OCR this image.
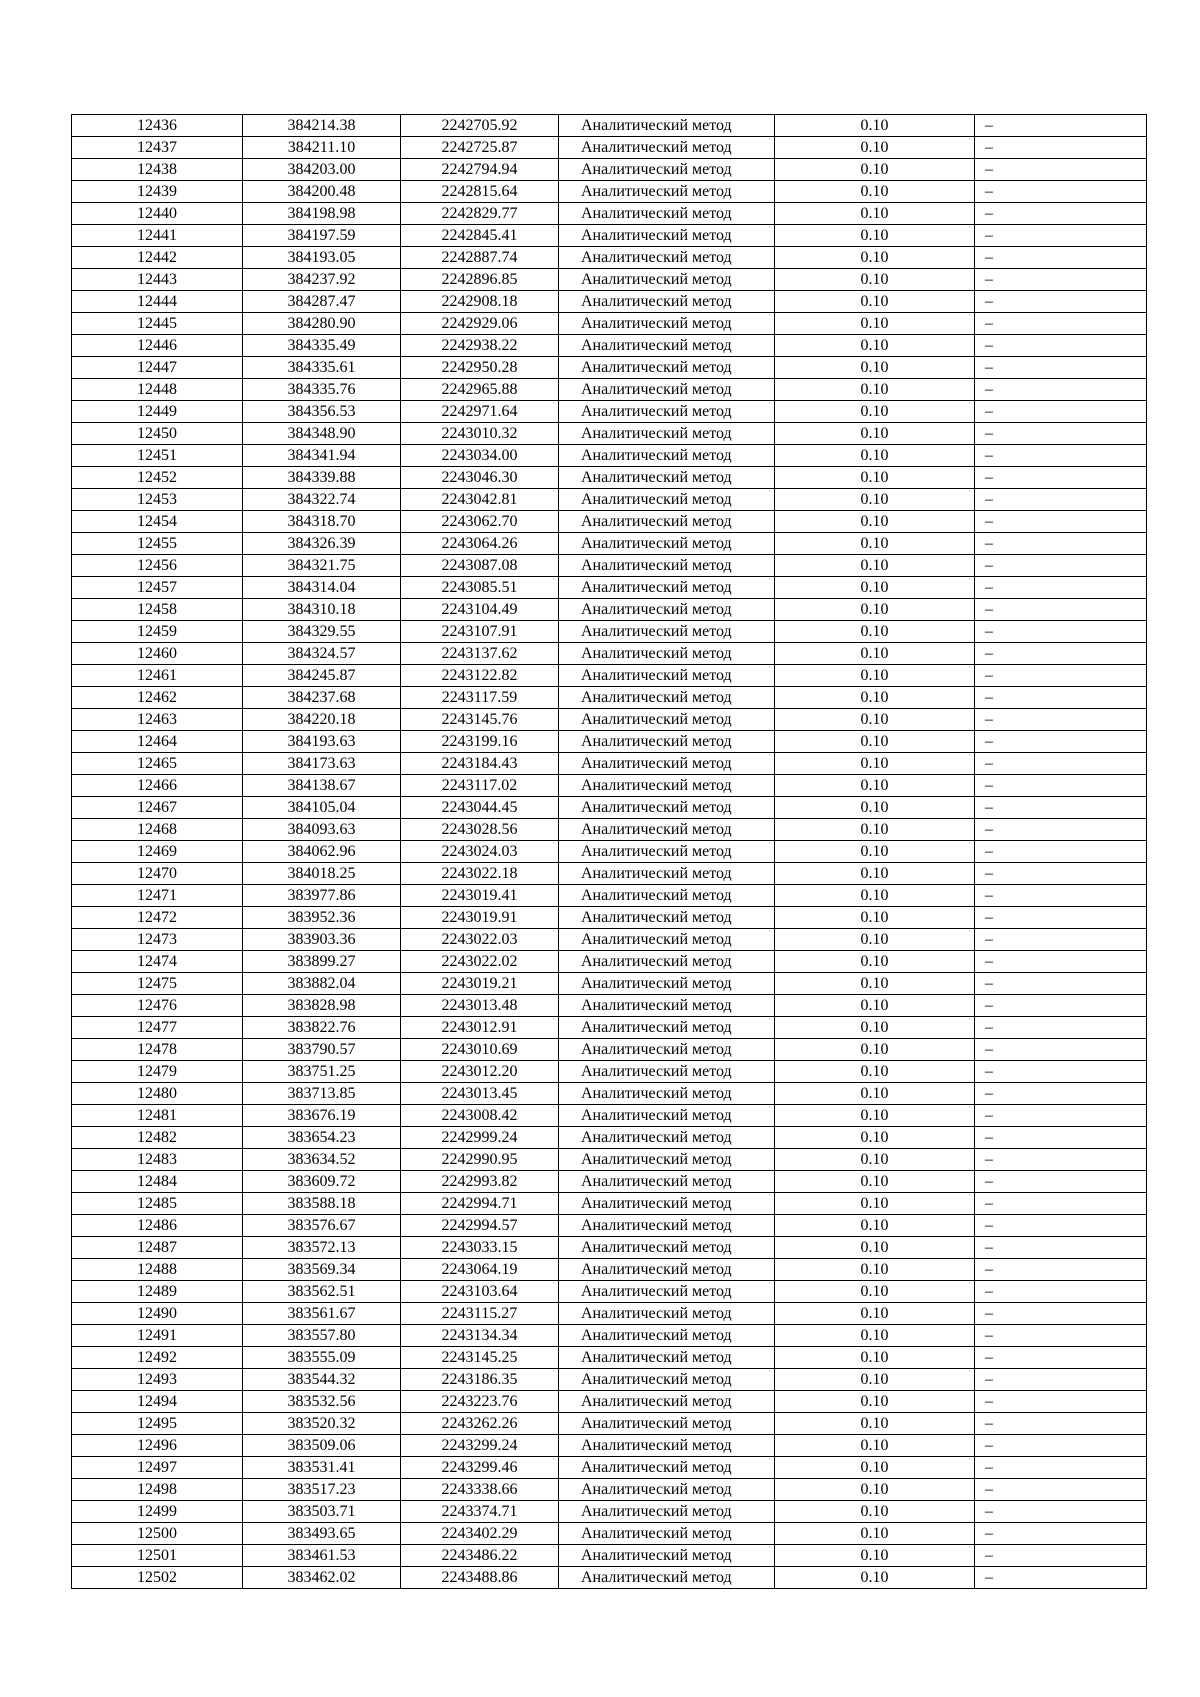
12436	384214.38	2242705.92	Аналитический метод	0.10	–
12437	384211.10	2242725.87	Аналитический метод	0.10	–
12438	384203.00	2242794.94	Аналитический метод	0.10	–
12439	384200.48	2242815.64	Аналитический метод	0.10	–
12440	384198.98	2242829.77	Аналитический метод	0.10	–
12441	384197.59	2242845.41	Аналитический метод	0.10	–
12442	384193.05	2242887.74	Аналитический метод	0.10	–
12443	384237.92	2242896.85	Аналитический метод	0.10	–
12444	384287.47	2242908.18	Аналитический метод	0.10	–
12445	384280.90	2242929.06	Аналитический метод	0.10	–
12446	384335.49	2242938.22	Аналитический метод	0.10	–
12447	384335.61	2242950.28	Аналитический метод	0.10	–
12448	384335.76	2242965.88	Аналитический метод	0.10	–
12449	384356.53	2242971.64	Аналитический метод	0.10	–
12450	384348.90	2243010.32	Аналитический метод	0.10	–
12451	384341.94	2243034.00	Аналитический метод	0.10	–
12452	384339.88	2243046.30	Аналитический метод	0.10	–
12453	384322.74	2243042.81	Аналитический метод	0.10	–
12454	384318.70	2243062.70	Аналитический метод	0.10	–
12455	384326.39	2243064.26	Аналитический метод	0.10	–
12456	384321.75	2243087.08	Аналитический метод	0.10	–
12457	384314.04	2243085.51	Аналитический метод	0.10	–
12458	384310.18	2243104.49	Аналитический метод	0.10	–
12459	384329.55	2243107.91	Аналитический метод	0.10	–
12460	384324.57	2243137.62	Аналитический метод	0.10	–
12461	384245.87	2243122.82	Аналитический метод	0.10	–
12462	384237.68	2243117.59	Аналитический метод	0.10	–
12463	384220.18	2243145.76	Аналитический метод	0.10	–
12464	384193.63	2243199.16	Аналитический метод	0.10	–
12465	384173.63	2243184.43	Аналитический метод	0.10	–
12466	384138.67	2243117.02	Аналитический метод	0.10	–
12467	384105.04	2243044.45	Аналитический метод	0.10	–
12468	384093.63	2243028.56	Аналитический метод	0.10	–
12469	384062.96	2243024.03	Аналитический метод	0.10	–
12470	384018.25	2243022.18	Аналитический метод	0.10	–
12471	383977.86	2243019.41	Аналитический метод	0.10	–
12472	383952.36	2243019.91	Аналитический метод	0.10	–
12473	383903.36	2243022.03	Аналитический метод	0.10	–
12474	383899.27	2243022.02	Аналитический метод	0.10	–
12475	383882.04	2243019.21	Аналитический метод	0.10	–
12476	383828.98	2243013.48	Аналитический метод	0.10	–
12477	383822.76	2243012.91	Аналитический метод	0.10	–
12478	383790.57	2243010.69	Аналитический метод	0.10	–
12479	383751.25	2243012.20	Аналитический метод	0.10	–
12480	383713.85	2243013.45	Аналитический метод	0.10	–
12481	383676.19	2243008.42	Аналитический метод	0.10	–
12482	383654.23	2242999.24	Аналитический метод	0.10	–
12483	383634.52	2242990.95	Аналитический метод	0.10	–
12484	383609.72	2242993.82	Аналитический метод	0.10	–
12485	383588.18	2242994.71	Аналитический метод	0.10	–
12486	383576.67	2242994.57	Аналитический метод	0.10	–
12487	383572.13	2243033.15	Аналитический метод	0.10	–
12488	383569.34	2243064.19	Аналитический метод	0.10	–
12489	383562.51	2243103.64	Аналитический метод	0.10	–
12490	383561.67	2243115.27	Аналитический метод	0.10	–
12491	383557.80	2243134.34	Аналитический метод	0.10	–
12492	383555.09	2243145.25	Аналитический метод	0.10	–
12493	383544.32	2243186.35	Аналитический метод	0.10	–
12494	383532.56	2243223.76	Аналитический метод	0.10	–
12495	383520.32	2243262.26	Аналитический метод	0.10	–
12496	383509.06	2243299.24	Аналитический метод	0.10	–
12497	383531.41	2243299.46	Аналитический метод	0.10	–
12498	383517.23	2243338.66	Аналитический метод	0.10	–
12499	383503.71	2243374.71	Аналитический метод	0.10	–
12500	383493.65	2243402.29	Аналитический метод	0.10	–
12501	383461.53	2243486.22	Аналитический метод	0.10	–
12502	383462.02	2243488.86	Аналитический метод	0.10	–
